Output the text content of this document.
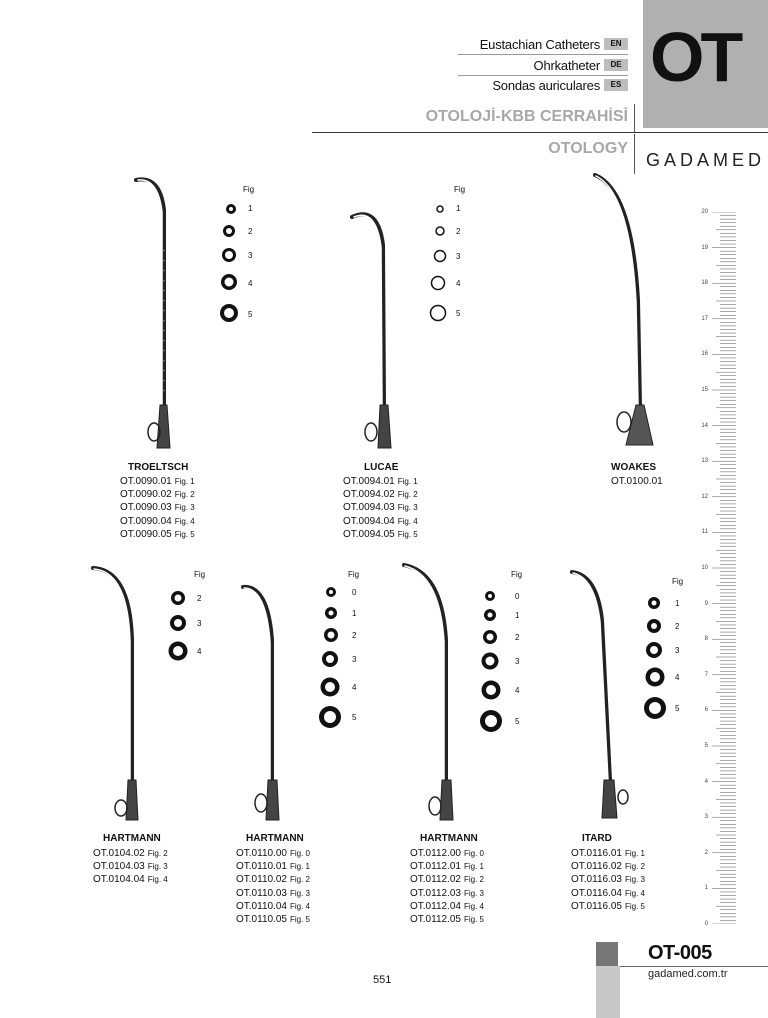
Eustachian Catheters	EN
Ohrkatheter	DE
Sondas auriculares	ES OT
OTOLOJİ-KBB CERRAHİSİ
OTOLOGY
GADAMED
Fig
1
2
3
4
5
Fig
1
2
3
4
5
Fig
2
3
4
Fig
0
1
2
3
4
5
Fig
0
1
2
3
4
5
Fig
1
2
3
4
5
TROELTSCH
OT.0090.01 Fig. 1
OT.0090.02 Fig. 2
OT.0090.03 Fig. 3
OT.0090.04 Fig. 4
OT.0090.05 Fig. 5
LUCAE
OT.0094.01 Fig. 1
OT.0094.02 Fig. 2
OT.0094.03 Fig. 3
OT.0094.04 Fig. 4
OT.0094.05 Fig. 5
WOAKES
OT.0100.01
HARTMANN
OT.0104.02 Fig. 2
OT.0104.03 Fig. 3
OT.0104.04 Fig. 4
HARTMANN
OT.0110.00 Fig. 0
OT.0110.01 Fig. 1
OT.0110.02 Fig. 2
OT.0110.03 Fig. 3
OT.0110.04 Fig. 4
OT.0110.05 Fig. 5
HARTMANN
OT.0112.00 Fig. 0
OT.0112.01 Fig. 1
OT.0112.02 Fig. 2
OT.0112.03 Fig. 3
OT.0112.04 Fig. 4
OT.0112.05 Fig. 5
ITARD
OT.0116.01 Fig. 1
OT.0116.02 Fig. 2
OT.0116.03 Fig. 3
OT.0116.04 Fig. 4
OT.0116.05 Fig. 5
20
19
18
17
16
15
14
13
12
11
10
9
8
7
6
5
4
3
2
1
0
551
OT-005
gadamed.com.tr
